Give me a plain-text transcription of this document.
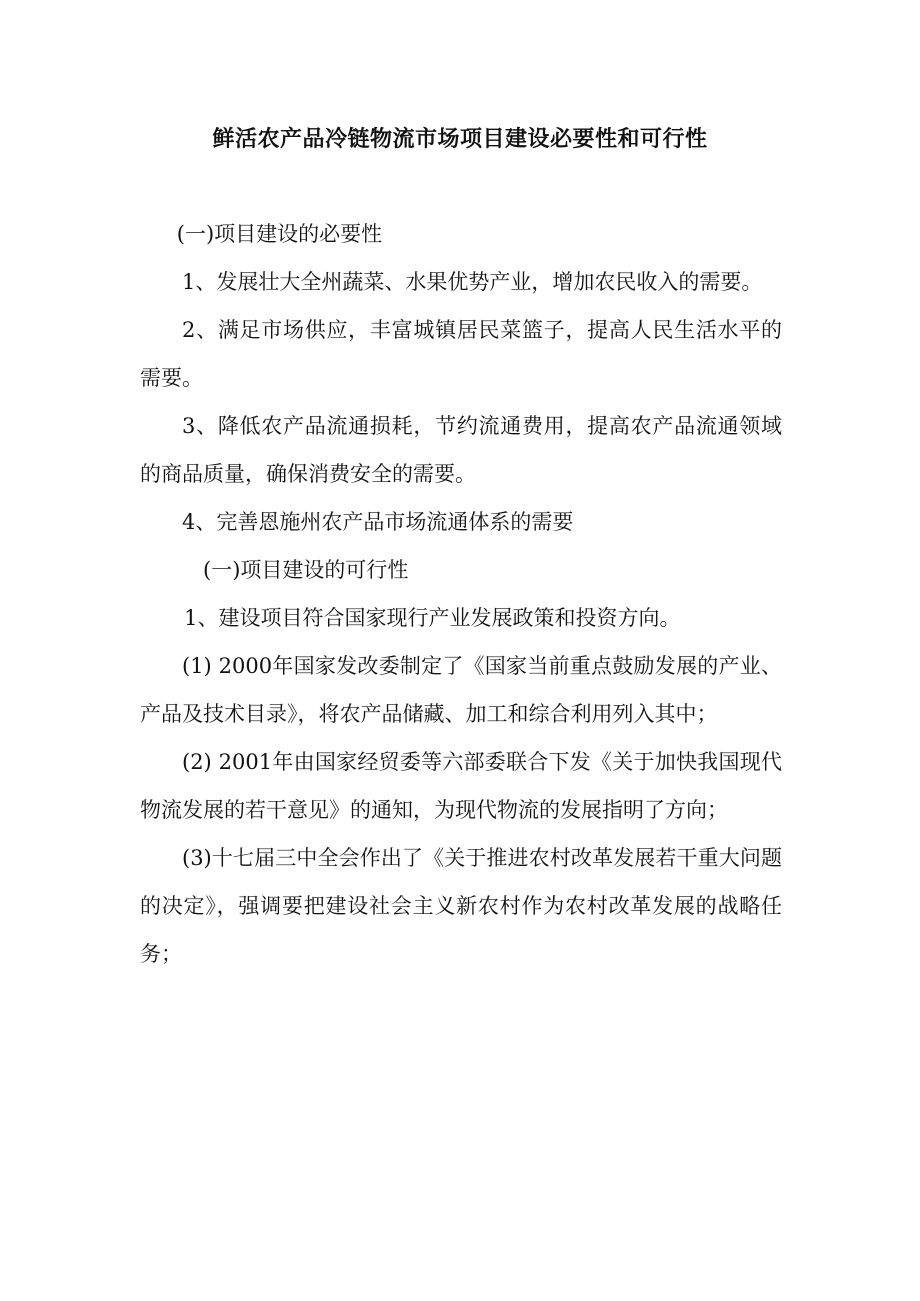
鲜活农产品冷链物流市场项目建设必要性和可行性

(一)项目建设的必要性

1、发展壮大全州蔬菜、水果优势产业，增加农民收入的需要。

2、满足市场供应，丰富城镇居民菜篮子，提高人民生活水平的需要。

3、降低农产品流通损耗，节约流通费用，提高农产品流通领域的商品质量，确保消费安全的需要。

4、完善恩施州农产品市场流通体系的需要

(一)项目建设的可行性

1、建设项目符合国家现行产业发展政策和投资方向。

(1) 2000年国家发改委制定了《国家当前重点鼓励发展的产业、产品及技术目录》，将农产品储藏、加工和综合利用列入其中；

(2) 2001年由国家经贸委等六部委联合下发《关于加快我国现代物流发展的若干意见》的通知，为现代物流的发展指明了方向；

(3)十七届三中全会作出了《关于推进农村改革发展若干重大问题的决定》，强调要把建设社会主义新农村作为农村改革发展的战略任务；
